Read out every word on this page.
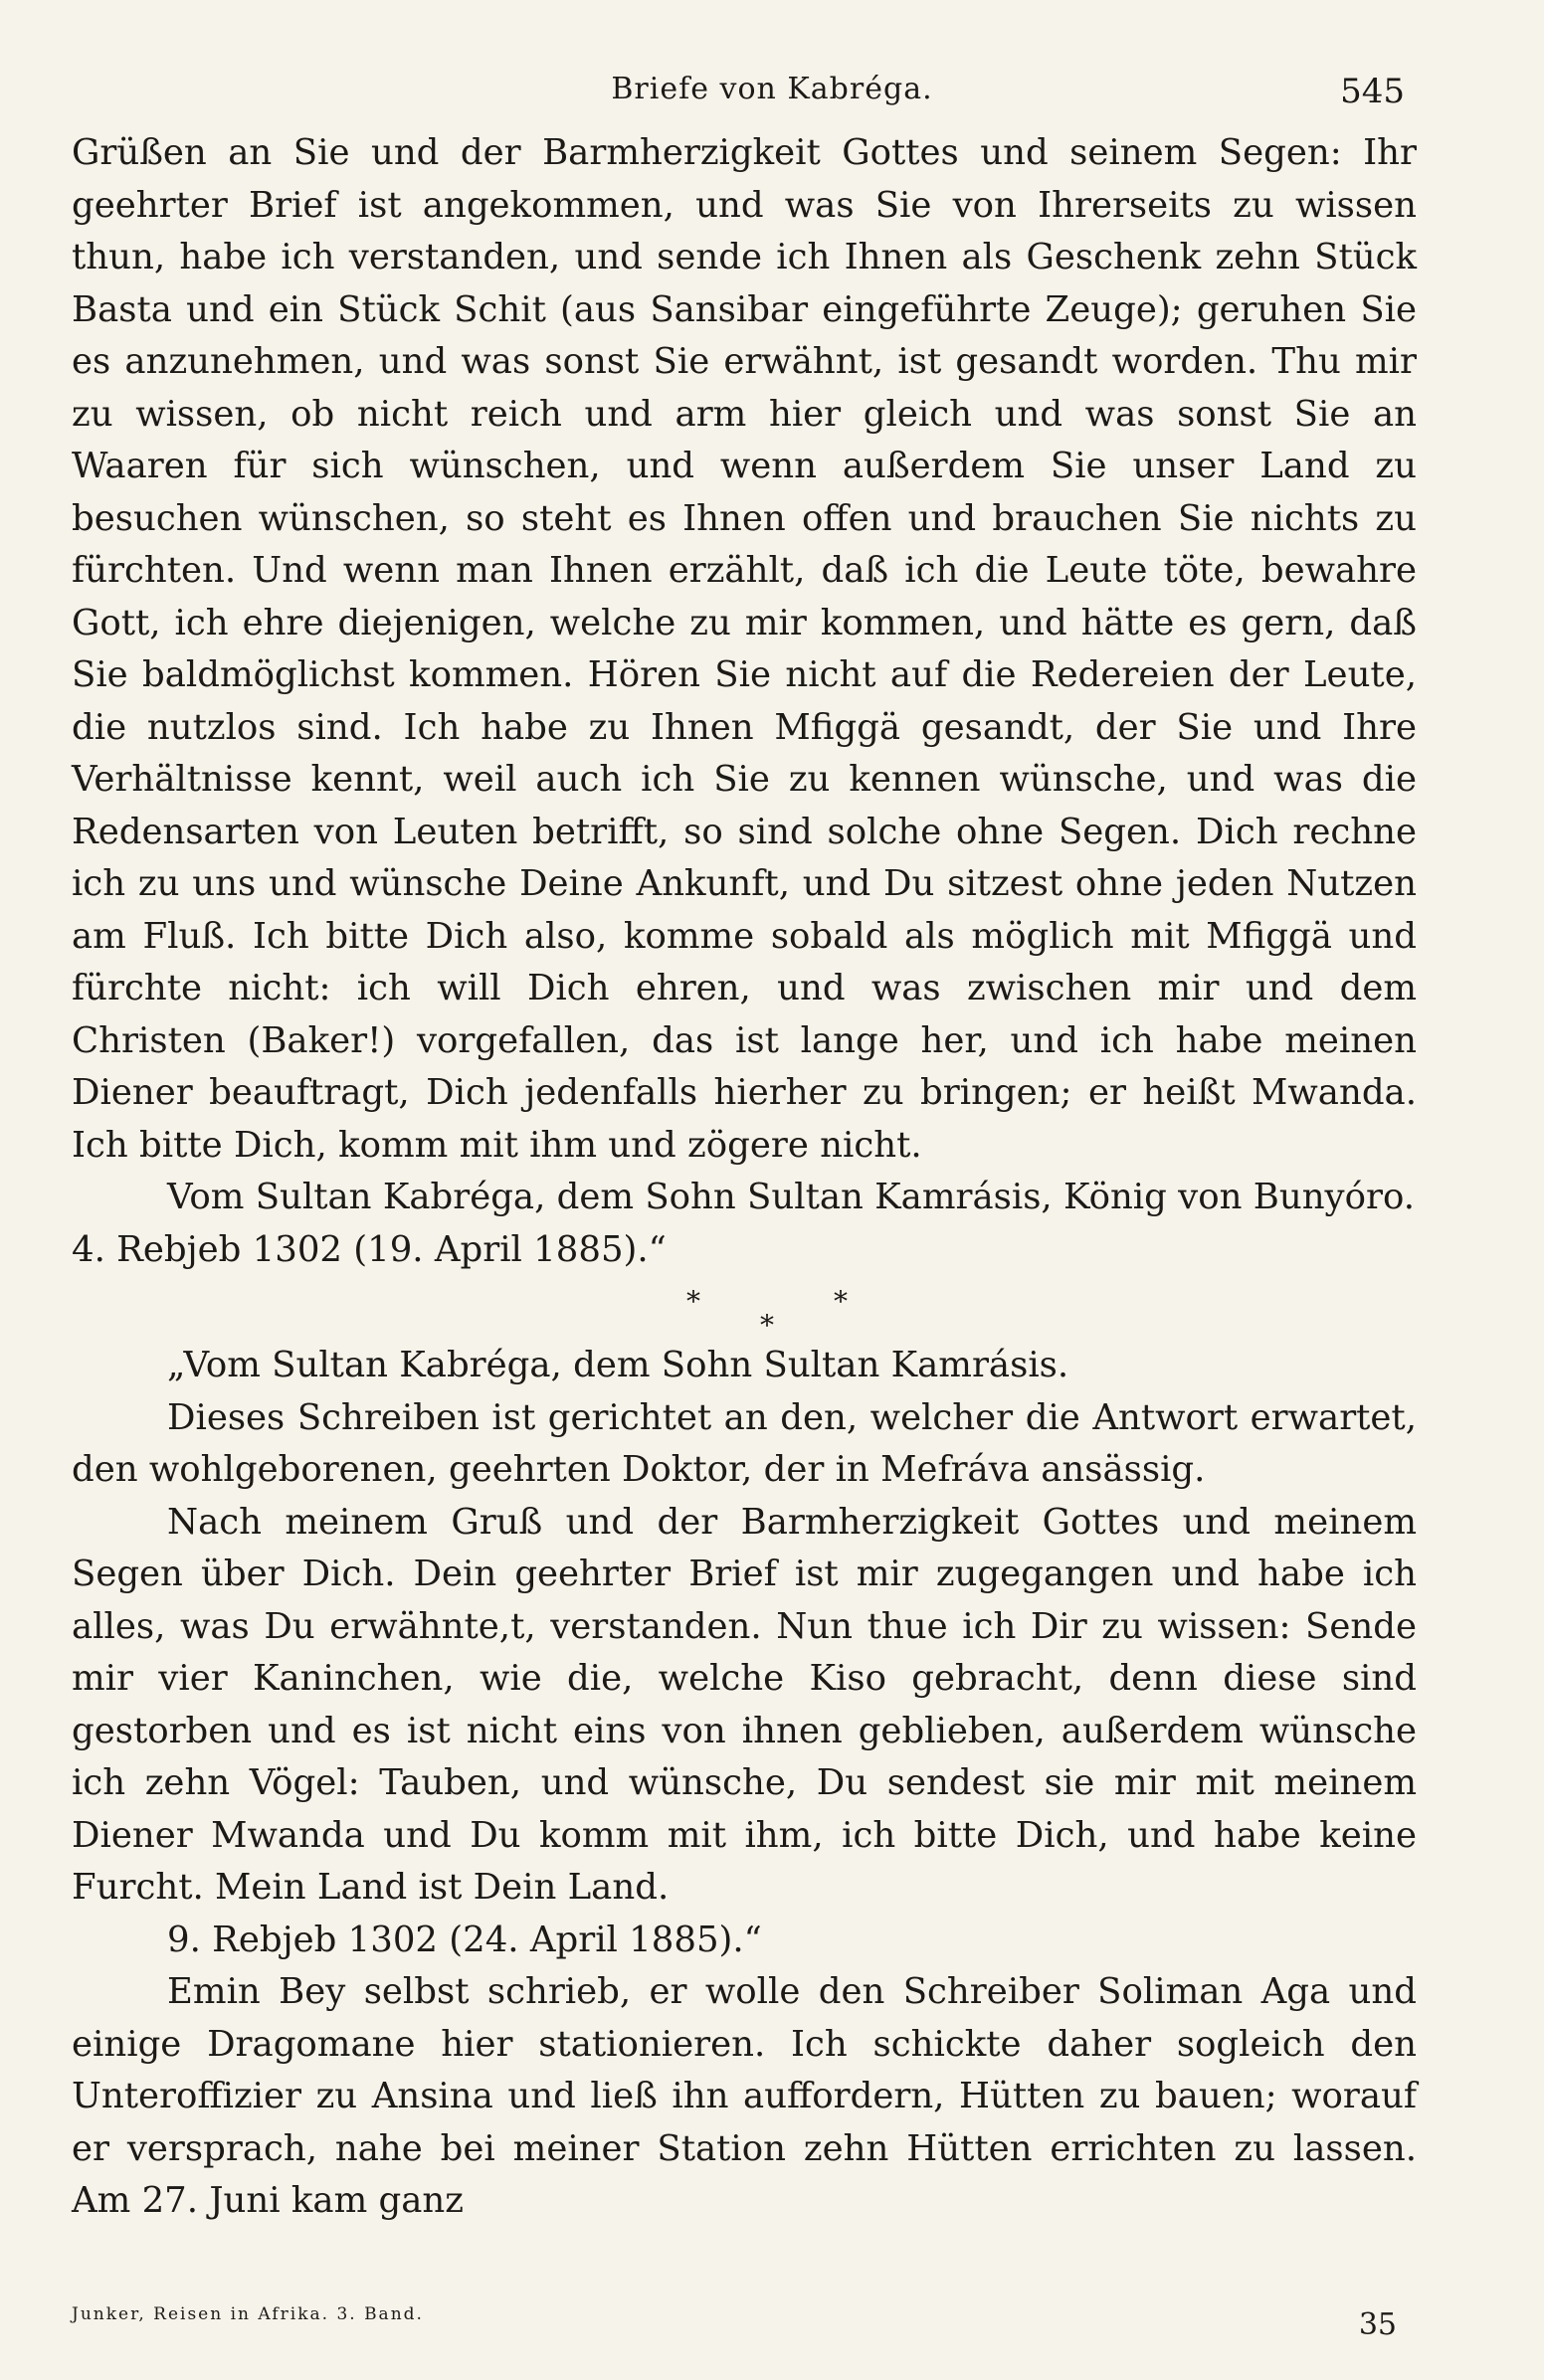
Briefe von Kabréga.	545

Grüßen an Sie und der Barmherzigkeit Gottes und seinem Segen: Ihr geehrter Brief ist angekommen, und was Sie von Ihrerseits zu wissen thun, habe ich verstanden, und sende ich Ihnen als Geschenk zehn Stück Basta und ein Stück Schit (aus Sansibar eingeführte Zeuge); geruhen Sie es anzunehmen, und was sonst Sie erwähnt, ist gesandt worden. Thu mir zu wissen, ob nicht reich und arm hier gleich und was sonst Sie an Waaren für sich wünschen, und wenn außerdem Sie unser Land zu besuchen wünschen, so steht es Ihnen offen und brauchen Sie nichts zu fürchten. Und wenn man Ihnen erzählt, daß ich die Leute töte, bewahre Gott, ich ehre diejenigen, welche zu mir kommen, und hätte es gern, daß Sie baldmöglichst kommen. Hören Sie nicht auf die Redereien der Leute, die nutzlos sind. Ich habe zu Ihnen Mfiggä gesandt, der Sie und Ihre Verhältnisse kennt, weil auch ich Sie zu kennen wünsche, und was die Redensarten von Leuten betrifft, so sind solche ohne Segen. Dich rechne ich zu uns und wünsche Deine Ankunft, und Du sitzest ohne jeden Nutzen am Fluß. Ich bitte Dich also, komme sobald als möglich mit Mfiggä und fürchte nicht: ich will Dich ehren, und was zwischen mir und dem Christen (Baker!) vorgefallen, das ist lange her, und ich habe meinen Diener beauftragt, Dich jedenfalls hierher zu bringen; er heißt Mwanda. Ich bitte Dich, komm mit ihm und zögere nicht.

Vom Sultan Kabréga, dem Sohn Sultan Kamrásis, König von Bunyóro.

4. Rebjeb 1302 (19. April 1885).“

*	*
*

„Vom Sultan Kabréga, dem Sohn Sultan Kamrásis.

Dieses Schreiben ist gerichtet an den, welcher die Antwort erwartet, den wohlgeborenen, geehrten Doktor, der in Mefráva ansässig.

Nach meinem Gruß und der Barmherzigkeit Gottes und meinem Segen über Dich. Dein geehrter Brief ist mir zugegangen und habe ich alles, was Du erwähnte,t, verstanden. Nun thue ich Dir zu wissen: Sende mir vier Kaninchen, wie die, welche Kiso gebracht, denn diese sind gestorben und es ist nicht eins von ihnen geblieben, außerdem wünsche ich zehn Vögel: Tauben, und wünsche, Du sendest sie mir mit meinem Diener Mwanda und Du komm mit ihm, ich bitte Dich, und habe keine Furcht. Mein Land ist Dein Land.

9. Rebjeb 1302 (24. April 1885).“

Emin Bey selbst schrieb, er wolle den Schreiber Soliman Aga und einige Dragomane hier stationieren. Ich schickte daher sogleich den Unteroffizier zu Ansina und ließ ihn auffordern, Hütten zu bauen; worauf er versprach, nahe bei meiner Station zehn Hütten errichten zu lassen. Am 27. Juni kam ganz

Junker, Reisen in Afrika. 3. Band.	35
